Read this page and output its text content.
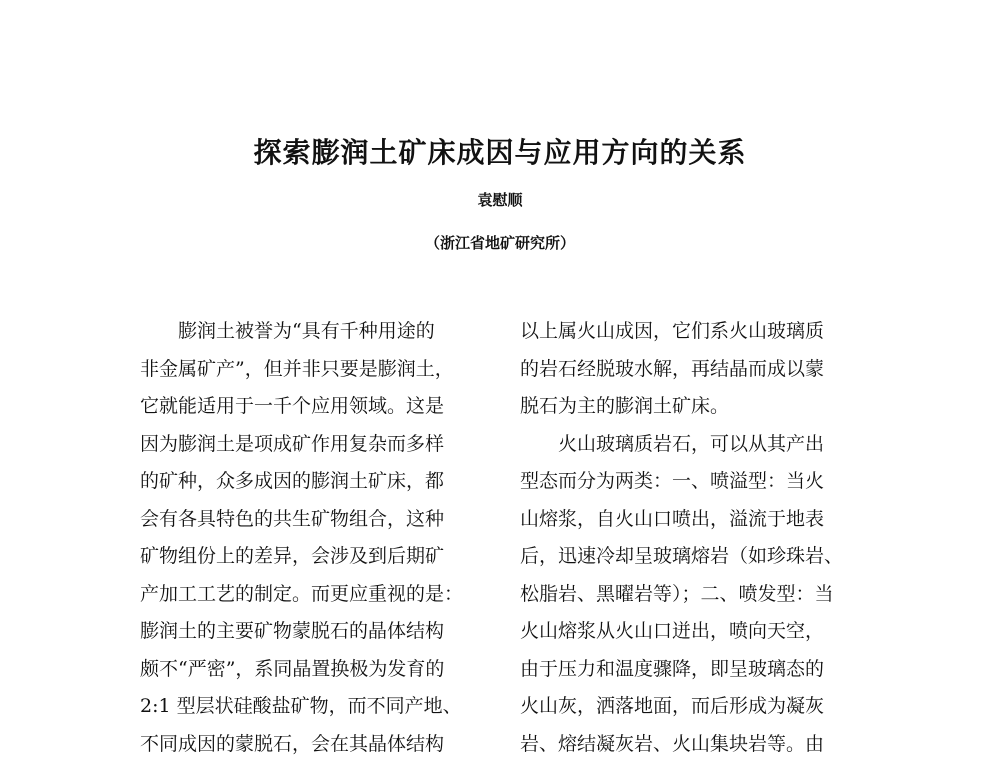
探索膨润土矿床成因与应用方向的关系
袁慰顺
（浙江省地矿研究所）
膨润土被誉为“具有千种用途的
非金属矿产”，但并非只要是膨润土，
它就能适用于一千个应用领域。这是
因为膨润土是项成矿作用复杂而多样
的矿种，众多成因的膨润土矿床，都
会有各具特色的共生矿物组合，这种
矿物组份上的差异，会涉及到后期矿
产加工工艺的制定。而更应重视的是：
膨润土的主要矿物蒙脱石的晶体结构
颇不“严密”，系同晶置换极为发育的
2:1 型层状硅酸盐矿物，而不同产地、
不同成因的蒙脱石，会在其晶体结构
以上属火山成因，它们系火山玻璃质
的岩石经脱玻水解，再结晶而成以蒙
脱石为主的膨润土矿床。
火山玻璃质岩石，可以从其产出
型态而分为两类：一、喷溢型：当火
山熔浆，自火山口喷出，溢流于地表
后，迅速冷却呈玻璃熔岩（如珍珠岩、
松脂岩、黑曜岩等）；二、喷发型：当
火山熔浆从火山口迸出，喷向天空，
由于压力和温度骤降，即呈玻璃态的
火山灰，洒落地面，而后形成为凝灰
岩、熔结凝灰岩、火山集块岩等。由
